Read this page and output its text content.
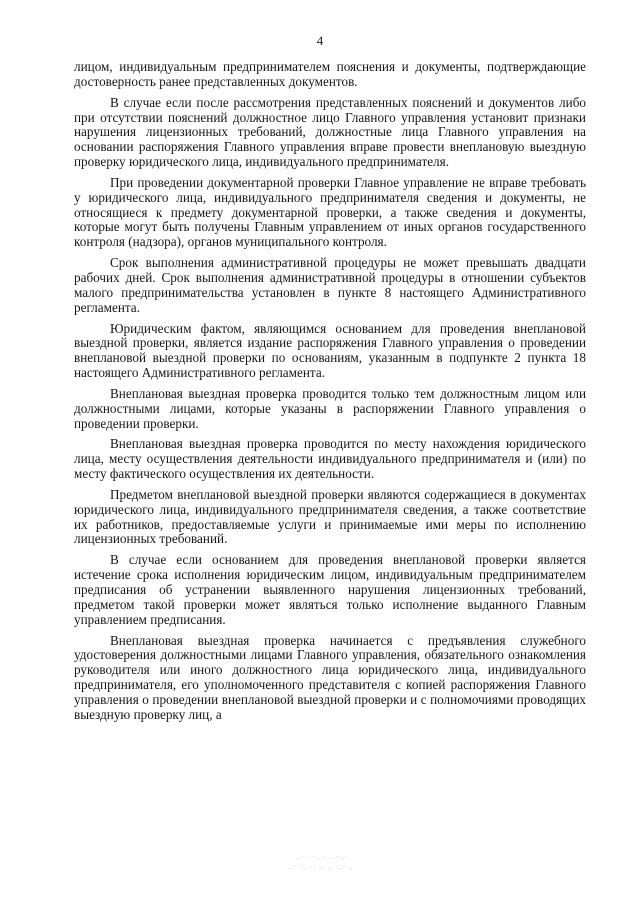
4

лицом, индивидуальным предпринимателем пояснения и документы, подтверждающие достоверность ранее представленных документов.

В случае если после рассмотрения представленных пояснений и документов либо при отсутствии пояснений должностное лицо Главного управления установит признаки нарушения лицензионных требований, должностные лица Главного управления на основании распоряжения Главного управления вправе провести внеплановую выездную проверку юридического лица, индивидуального предпринимателя.

При проведении документарной проверки Главное управление не вправе требовать у юридического лица, индивидуального предпринимателя сведения и документы, не относящиеся к предмету документарной проверки, а также сведения и документы, которые могут быть получены Главным управлением от иных органов государственного контроля (надзора), органов муниципального контроля.

Срок выполнения административной процедуры не может превышать двадцати рабочих дней. Срок выполнения административной процедуры в отношении субъектов малого предпринимательства установлен в пункте 8 настоящего Административного регламента.

Юридическим фактом, являющимся основанием для проведения внеплановой выездной проверки, является издание распоряжения Главного управления о проведении внеплановой выездной проверки по основаниям, указанным в подпункте 2 пункта 18 настоящего Административного регламента.

Внеплановая выездная проверка проводится только тем должностным лицом или должностными лицами, которые указаны в распоряжении Главного управления о проведении проверки.

Внеплановая выездная проверка проводится по месту нахождения юридического лица, месту осуществления деятельности индивидуального предпринимателя и (или) по месту фактического осуществления их деятельности.

Предметом внеплановой выездной проверки являются содержащиеся в документах юридического лица, индивидуального предпринимателя сведения, а также соответствие их работников, предоставляемые услуги и принимаемые ими меры по исполнению лицензионных требований.

В случае если основанием для проведения внеплановой проверки является истечение срока исполнения юридическим лицом, индивидуальным предпринимателем предписания об устранении выявленного нарушения лицензионных требований, предметом такой проверки может являться только исполнение выданного Главным управлением предписания.

Внеплановая выездная проверка начинается с предъявления служебного удостоверения должностными лицами Главного управления, обязательного ознакомления руководителя или иного должностного лица юридического лица, индивидуального предпринимателя, его уполномоченного представителя с копией распоряжения Главного управления о проведении внеплановой выездной проверки и с полномочиями проводящих выездную проверку лиц, а

‥ ‧ ‧ ‧‥ ‧ ‥ ‧‥‧
‥‧ ‧‥ ‧ ‧‥‧ ‥ ‧‥‧ ‥
